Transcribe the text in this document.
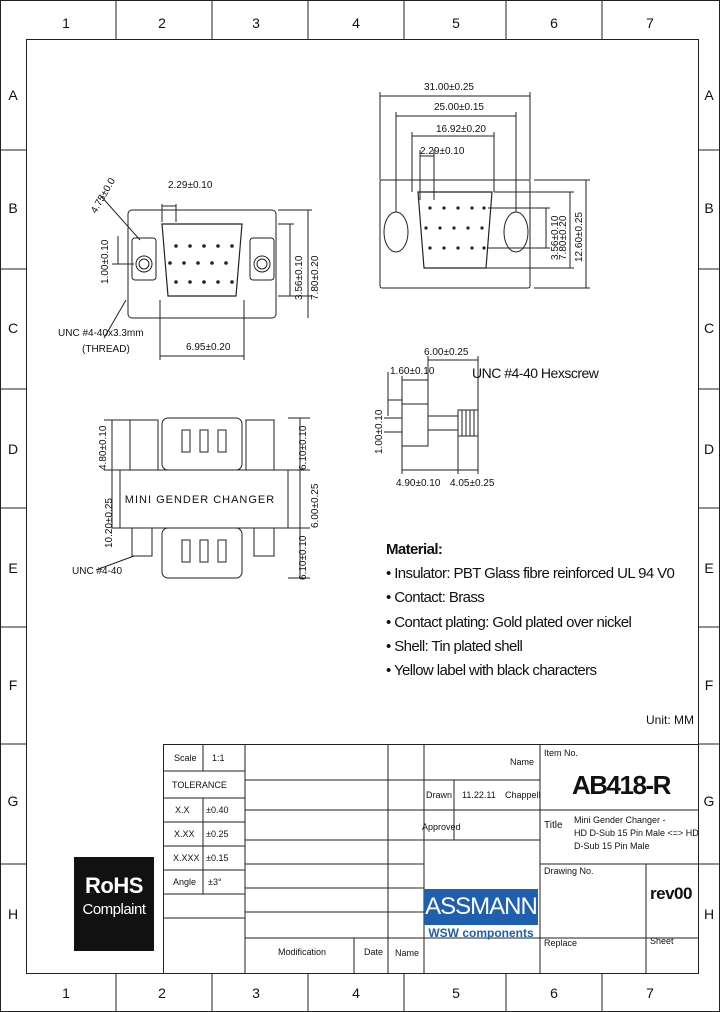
1	2	3	4	5	6	7
1	2	3	4	5	6	7
A
B
C
D
E
F
G
H
A
B
C
D
E
F
G
H
2.29±0.10
4.75±0.0
1.00±0.10	3.56±0.10 7.80±0.20
6.95±0.20
UNC #4-40x3.3mm
(THREAD)
31.00±0.25
25.00±0.15
16.92±0.20
2.29±0.10
3.56±0.10
7.80±0.20 12.60±0.25
6.00±0.25
1.60±0.10
1.00±0.10
4.90±0.10 4.05±0.25
MINI GENDER CHANGER
4.80±0.10
10.20±0.25
6.10±0.10
6.00±0.25
6.10±0.10
UNC #4-40
UNC #4-40 Hexscrew
Material:
• Insulator: PBT Glass fibre reinforced UL 94 V0
• Contact: Brass
• Contact plating: Gold plated over nickel
• Shell: Tin plated shell
• Yellow label with black characters
Unit: MM
RoHS
Complaint
Scale 1:1
TOLERANCE
X.X ±0.40
X.XX ±0.25
X.XXX ±0.15
Angle ±3°
Name
Drawn 11.22.11 Chappell
Approved
Item No.
AB418-R
Title Mini Gender Changer -
HD D-Sub 15 Pin Male <=> HD
D-Sub 15 Pin Male
Drawing No.
rev00
Replace	Sheet
Modification	Date Name
ASSMANN
WSW components
